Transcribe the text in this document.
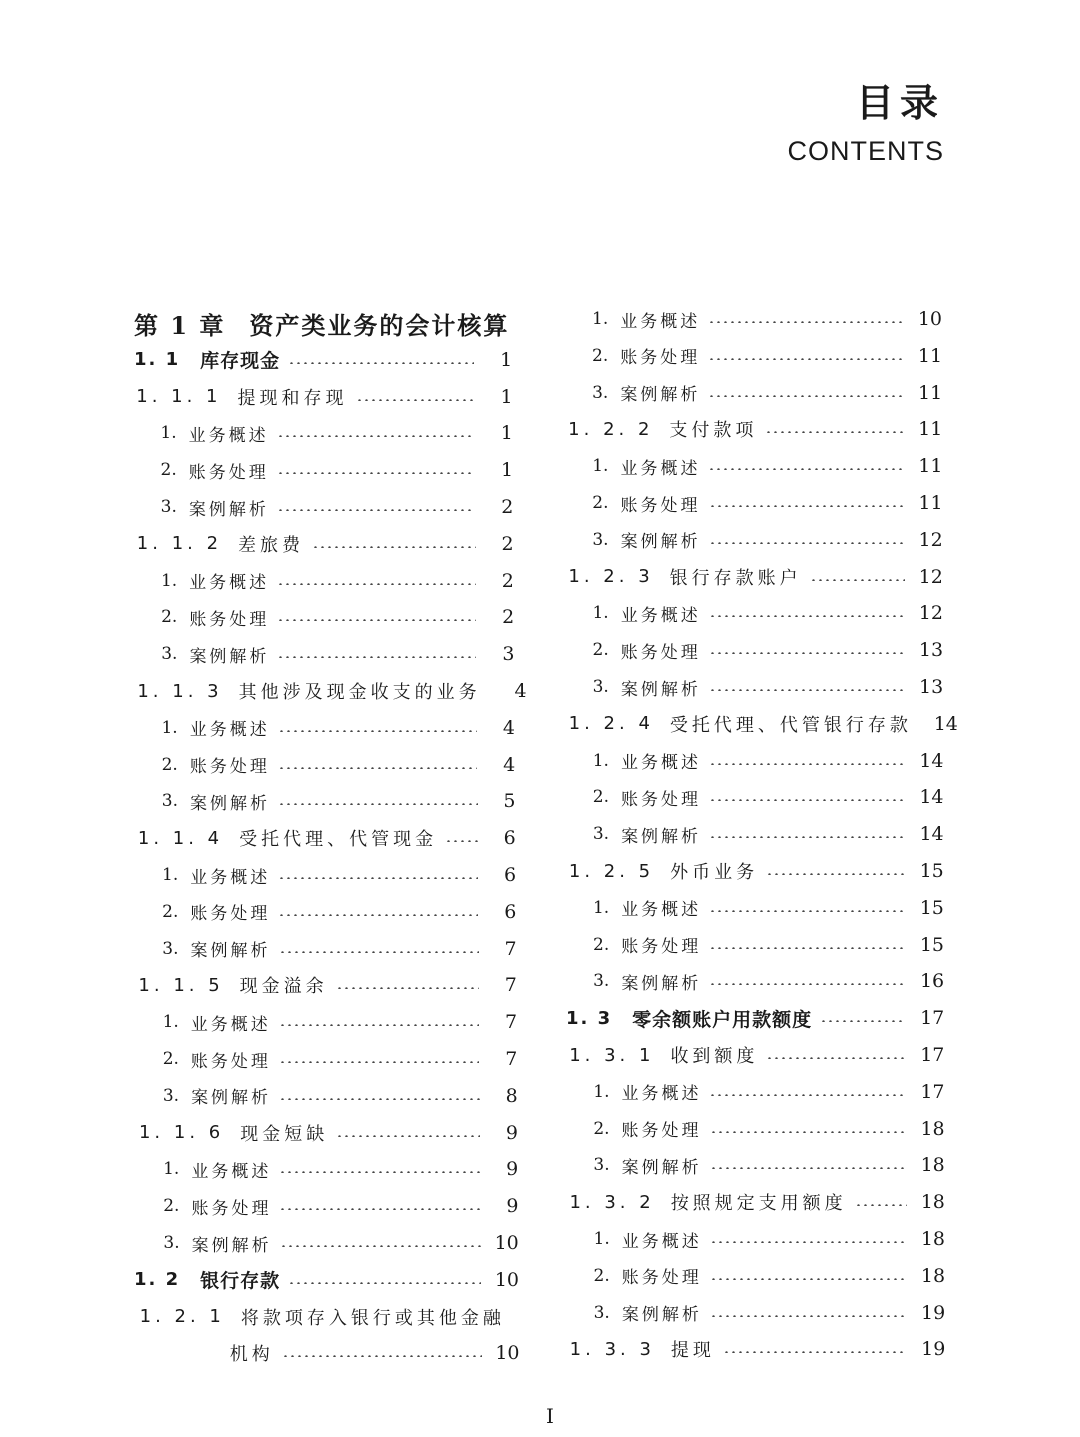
目录
CONTENTS
第 1 章 资产类业务的会计核算
1. 1 库存现金	1
1. 1. 1 提现和存现	1
1. 业务概述	1
2. 账务处理	1
3. 案例解析	2
1. 1. 2 差旅费	2
1. 业务概述	2
2. 账务处理	2
3. 案例解析	3
1. 1. 3 其他涉及现金收支的业务	4
1. 业务概述	4
2. 账务处理	4
3. 案例解析	5
1. 1. 4 受托代理、代管现金	6
1. 业务概述	6
2. 账务处理	6
3. 案例解析	7
1. 1. 5 现金溢余	7
1. 业务概述	7
2. 账务处理	7
3. 案例解析	8
1. 1. 6 现金短缺	9
1. 业务概述	9
2. 账务处理	9
3. 案例解析	10
1. 2 银行存款	10
1. 2. 1 将款项存入银行或其他金融
机构	10
1. 业务概述	10
2. 账务处理	11
3. 案例解析	11
1. 2. 2 支付款项	11
1. 业务概述	11
2. 账务处理	11
3. 案例解析	12
1. 2. 3 银行存款账户	12
1. 业务概述	12
2. 账务处理	13
3. 案例解析	13
1. 2. 4 受托代理、代管银行存款 14
1. 业务概述	14
2. 账务处理	14
3. 案例解析	14
1. 2. 5 外币业务	15
1. 业务概述	15
2. 账务处理	15
3. 案例解析	16
1. 3 零余额账户用款额度	17
1. 3. 1 收到额度	17
1. 业务概述	17
2. 账务处理	18
3. 案例解析	18
1. 3. 2 按照规定支用额度	18
1. 业务概述	18
2. 账务处理	18
3. 案例解析	19
1. 3. 3 提现	19
I
